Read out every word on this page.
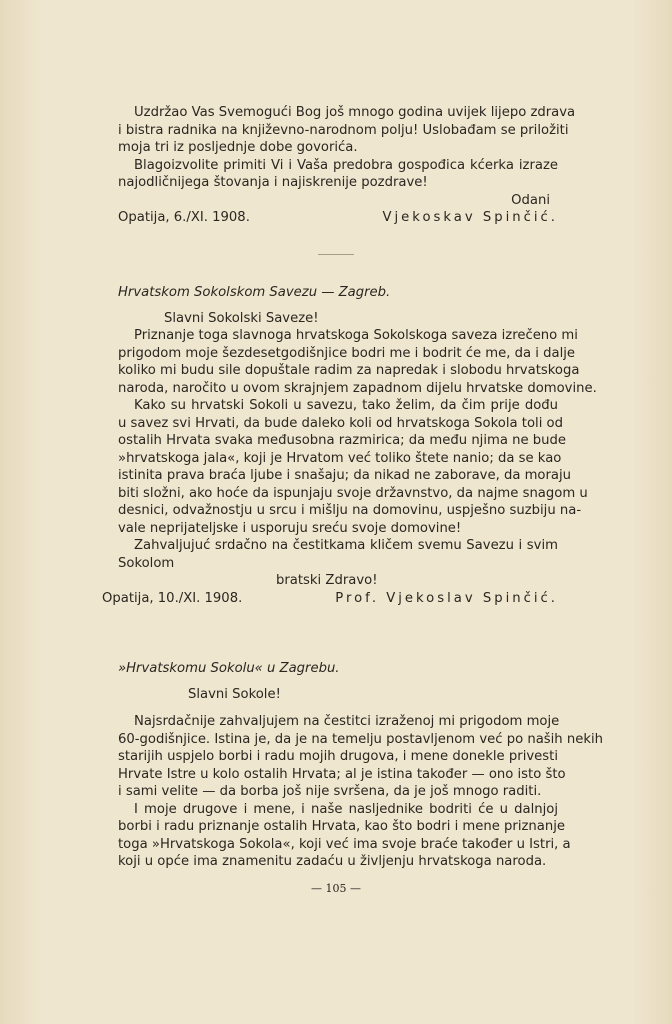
Uzdržao Vas Svemogući Bog još mnogo godina uvijek lijepo zdrava
i bistra radnika na književno-narodnom polju! Uslobađam se priložiti
moja tri iz posljednje dobe govorića.
Blagoizvolite primiti Vi i Vaša predobra gospođica kćerka izraze
najodličnijega štovanja i najiskrenije pozdrave!
Odani
Opatija, 6./XI. 1908.	Vjekoskav Spinčić.
Hrvatskom Sokolskom Savezu — Zagreb.
Slavni Sokolski Saveze!
Priznanje toga slavnoga hrvatskoga Sokolskoga saveza izrečeno mi
prigodom moje šezdesetgodišnjice bodri me i bodrit će me, da i dalje
koliko mi budu sile dopuštale radim za napredak i slobodu hrvatskoga
naroda, naročito u ovom skrajnjem zapadnom dijelu hrvatske domovine.
Kako su hrvatski Sokoli u savezu, tako želim, da čim prije dođu
u savez svi Hrvati, da bude daleko koli od hrvatskoga Sokola toli od
ostalih Hrvata svaka međusobna razmirica; da među njima ne bude
»hrvatskoga jala«, koji je Hrvatom već toliko štete nanio; da se kao
istinita prava braća ljube i snašaju; da nikad ne zaborave, da moraju
biti složni, ako hoće da ispunjaju svoje državnstvo, da najme snagom u
desnici, odvažnostju u srcu i mišlju na domovinu, uspješno suzbiju na-
vale neprijateljske i usporuju sreću svoje domovine!
Zahvaljujuć srdačno na čestitkama kličem svemu Savezu i svim
Sokolom
bratski Zdravo!
Opatija, 10./XI. 1908.	Prof. Vjekoslav Spinčić.
»Hrvatskomu Sokolu« u Zagrebu.
Slavni Sokole!
Najsrdačnije zahvaljujem na čestitci izraženoj mi prigodom moje
60-godišnjice. Istina je, da je na temelju postavljenom već po naših nekih
starijih uspjelo borbi i radu mojih drugova, i mene donekle privesti
Hrvate Istre u kolo ostalih Hrvata; al je istina također — ono isto što
i sami velite — da borba još nije svršena, da je još mnogo raditi.
I moje drugove i mene, i naše nasljednike bodriti će u dalnjoj
borbi i radu priznanje ostalih Hrvata, kao što bodri i mene priznanje
toga »Hrvatskoga Sokola«, koji već ima svoje braće također u Istri, a
koji u opće ima znamenitu zadaću u življenju hrvatskoga naroda.
— 105 —
